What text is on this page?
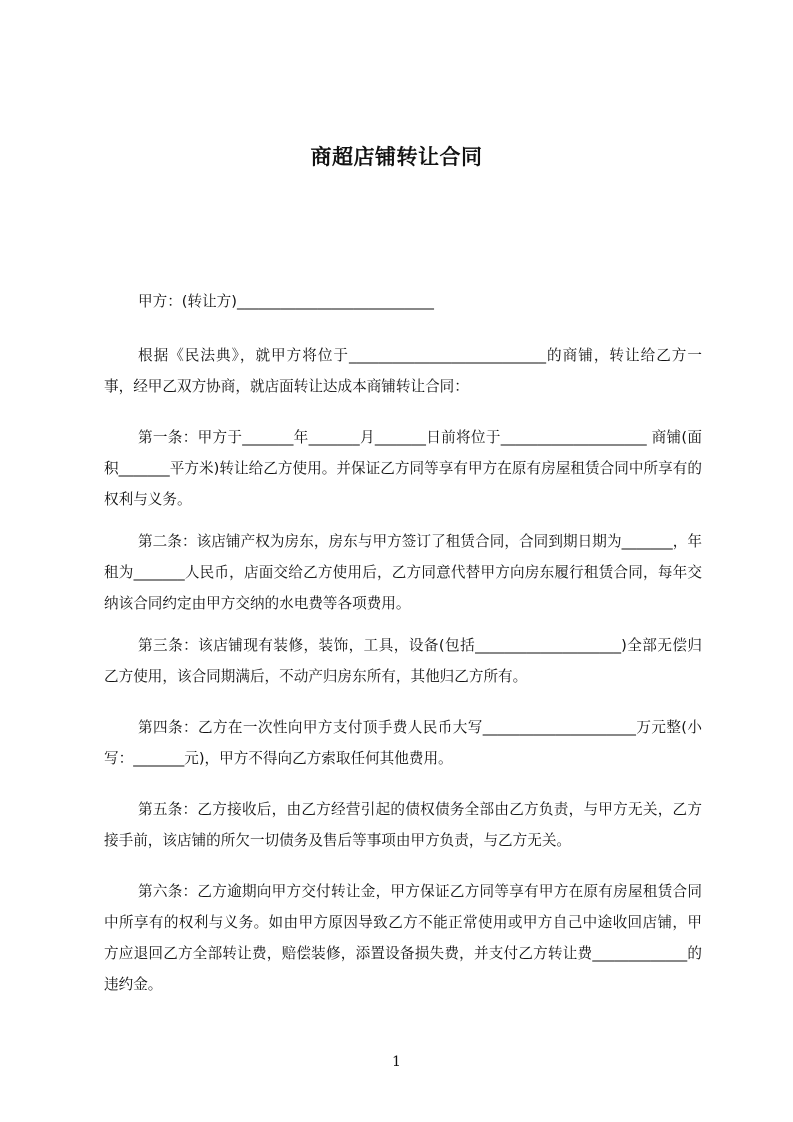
商超店铺转让合同
甲方：(转让方)___________________________
根据《民法典》，就甲方将位于___________________________的商铺，转让给乙方一事，经甲乙双方协商，就店面转让达成本商铺转让合同：
第一条：甲方于_______年_______月_______日前将位于____________________ 商铺(面积_______平方米)转让给乙方使用。并保证乙方同等享有甲方在原有房屋租赁合同中所享有的权利与义务。
第二条：该店铺产权为房东，房东与甲方签订了租赁合同，合同到期日期为_______，年租为_______人民币，店面交给乙方使用后，乙方同意代替甲方向房东履行租赁合同，每年交纳该合同约定由甲方交纳的水电费等各项费用。
第三条：该店铺现有装修，装饰，工具，设备(包括____________________)全部无偿归乙方使用，该合同期满后，不动产归房东所有，其他归乙方所有。
第四条：乙方在一次性向甲方支付顶手费人民币大写_____________________万元整(小写：_______元)，甲方不得向乙方索取任何其他费用。
第五条：乙方接收后，由乙方经营引起的债权债务全部由乙方负责，与甲方无关，乙方接手前，该店铺的所欠一切债务及售后等事项由甲方负责，与乙方无关。
第六条：乙方逾期向甲方交付转让金，甲方保证乙方同等享有甲方在原有房屋租赁合同中所享有的权利与义务。如由甲方原因导致乙方不能正常使用或甲方自己中途收回店铺，甲方应退回乙方全部转让费，赔偿装修，添置设备损失费，并支付乙方转让费_____________的违约金。
1
